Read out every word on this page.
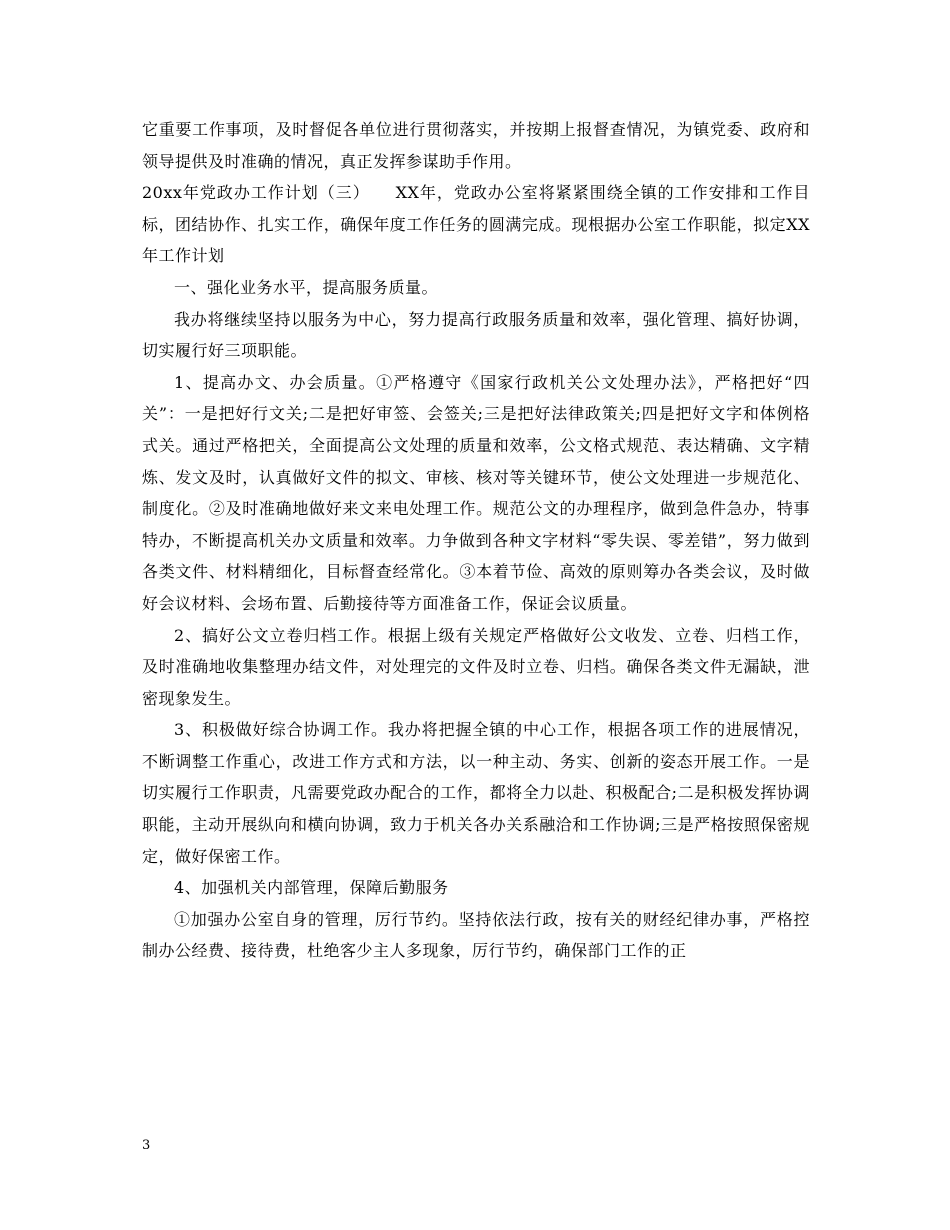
它重要工作事项，及时督促各单位进行贯彻落实，并按期上报督查情况，为镇党委、政府和领导提供及时准确的情况，真正发挥参谋助手作用。

20xx年党政办工作计划（三）　　XX年，党政办公室将紧紧围绕全镇的工作安排和工作目标，团结协作、扎实工作，确保年度工作任务的圆满完成。现根据办公室工作职能，拟定XX年工作计划

一、强化业务水平，提高服务质量。

我办将继续坚持以服务为中心，努力提高行政服务质量和效率，强化管理、搞好协调，切实履行好三项职能。

1、提高办文、办会质量。①严格遵守《国家行政机关公文处理办法》，严格把好“四关”：一是把好行文关;二是把好审签、会签关;三是把好法律政策关;四是把好文字和体例格式关。通过严格把关，全面提高公文处理的质量和效率，公文格式规范、表达精确、文字精炼、发文及时，认真做好文件的拟文、审核、核对等关键环节，使公文处理进一步规范化、制度化。②及时准确地做好来文来电处理工作。规范公文的办理程序，做到急件急办，特事特办，不断提高机关办文质量和效率。力争做到各种文字材料“零失误、零差错”，努力做到各类文件、材料精细化，目标督查经常化。③本着节俭、高效的原则筹办各类会议，及时做好会议材料、会场布置、后勤接待等方面准备工作，保证会议质量。

2、搞好公文立卷归档工作。根据上级有关规定严格做好公文收发、立卷、归档工作，及时准确地收集整理办结文件，对处理完的文件及时立卷、归档。确保各类文件无漏缺，泄密现象发生。

3、积极做好综合协调工作。我办将把握全镇的中心工作，根据各项工作的进展情况，不断调整工作重心，改进工作方式和方法，以一种主动、务实、创新的姿态开展工作。一是切实履行工作职责，凡需要党政办配合的工作，都将全力以赴、积极配合;二是积极发挥协调职能，主动开展纵向和横向协调，致力于机关各办关系融洽和工作协调;三是严格按照保密规定，做好保密工作。

4、加强机关内部管理，保障后勤服务

①加强办公室自身的管理，厉行节约。坚持依法行政，按有关的财经纪律办事，严格控制办公经费、接待费，杜绝客少主人多现象，厉行节约，确保部门工作的正

3
